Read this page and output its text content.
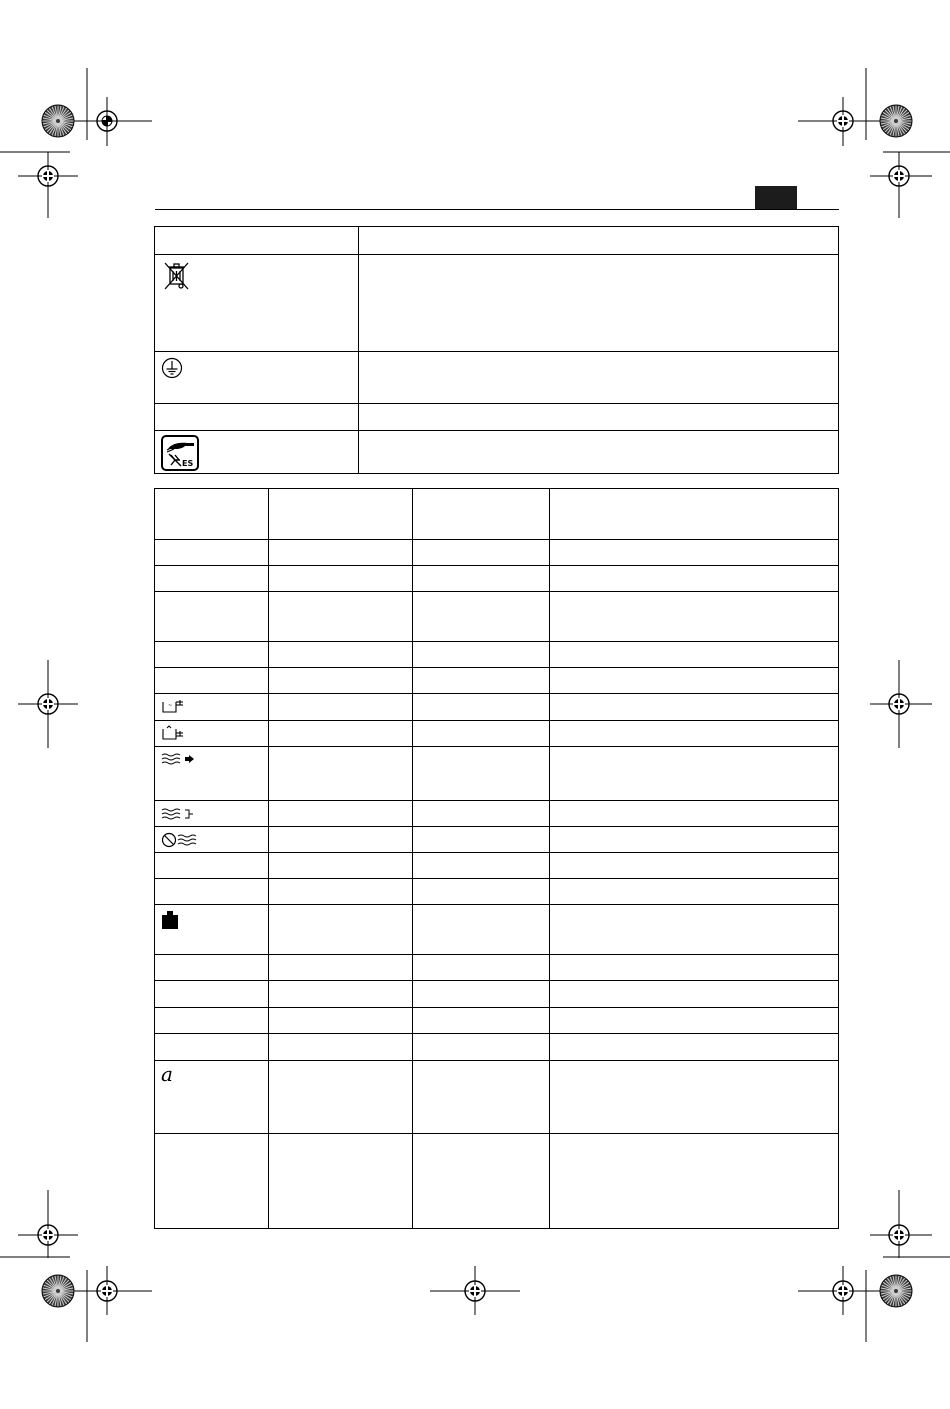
ES
~
a
